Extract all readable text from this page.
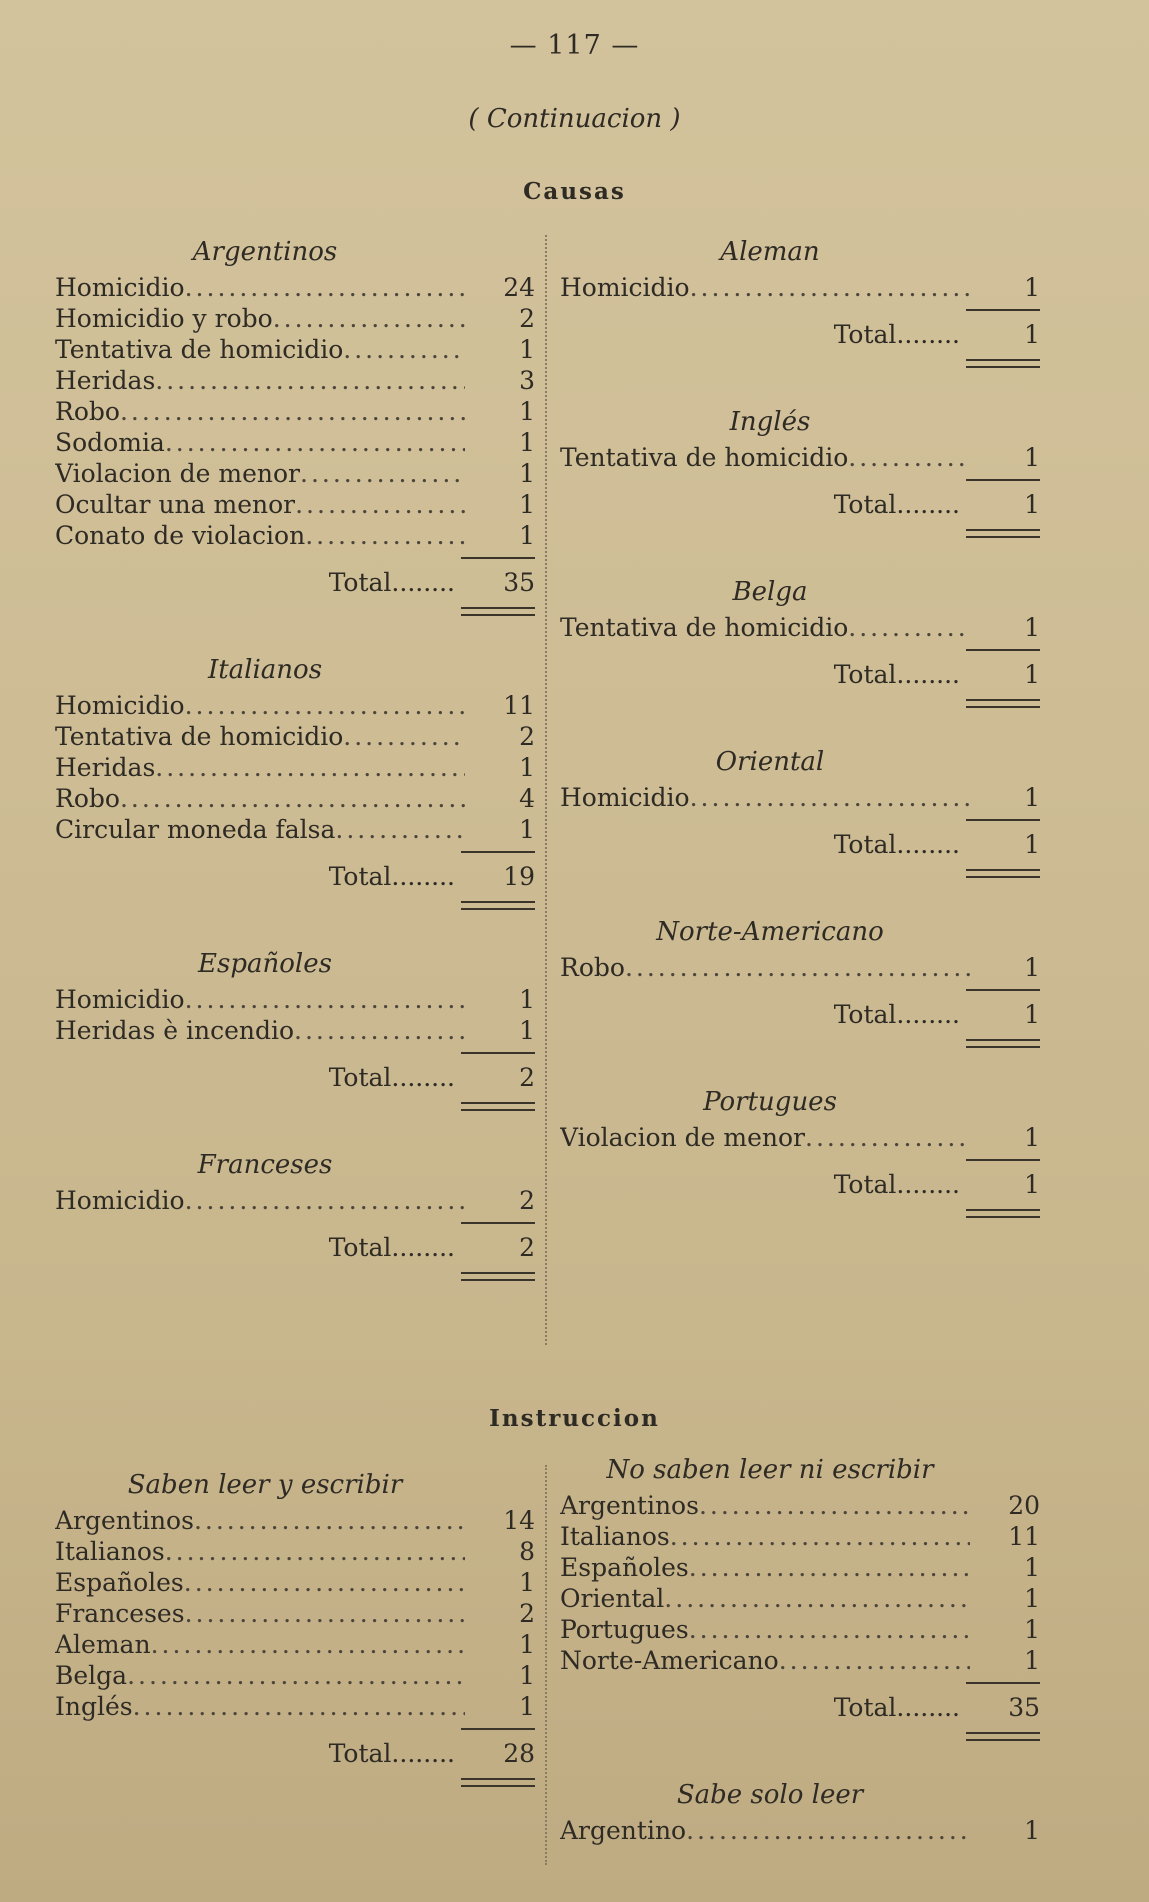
— 117 —
( Continuacion )
Causas
Argentinos
Homicidio .....	24
Homicidio y robo .....	2
Tentativa de homicidio .....	1
Heridas .....	3
Robo .....	1
Sodomia .....	1
Violacion de menor .....	1
Ocultar una menor .....	1
Conato de violacion .....	1
Total........	35
Italianos
Homicidio .....	11
Tentativa de homicidio .....	2
Heridas .....	1
Robo .....	4
Circular moneda falsa .....	1
Total........	19
Españoles
Homicidio .....	1
Heridas è incendio .....	1
Total........	2
Franceses
Homicidio .....	2
Total........	2
Aleman
Homicidio .....	1
Total........	1
Inglés
Tentativa de homicidio .....	1
Total........	1
Belga
Tentativa de homicidio .....	1
Total........	1
Oriental
Homicidio .....	1
Total........	1
Norte-Americano
Robo .....	1
Total........	1
Portugues
Violacion de menor .....	1
Total........	1
Instruccion
Saben leer y escribir
Argentinos .....	14
Italianos .....	8
Españoles .....	1
Franceses .....	2
Aleman .....	1
Belga .....	1
Inglés .....	1
Total........	28
No saben leer ni escribir
Argentinos .....	20
Italianos .....	11
Españoles .....	1
Oriental .....	1
Portugues .....	1
Norte-Americano .....	1
Total........	35
Sabe solo leer
Argentino .....	1
